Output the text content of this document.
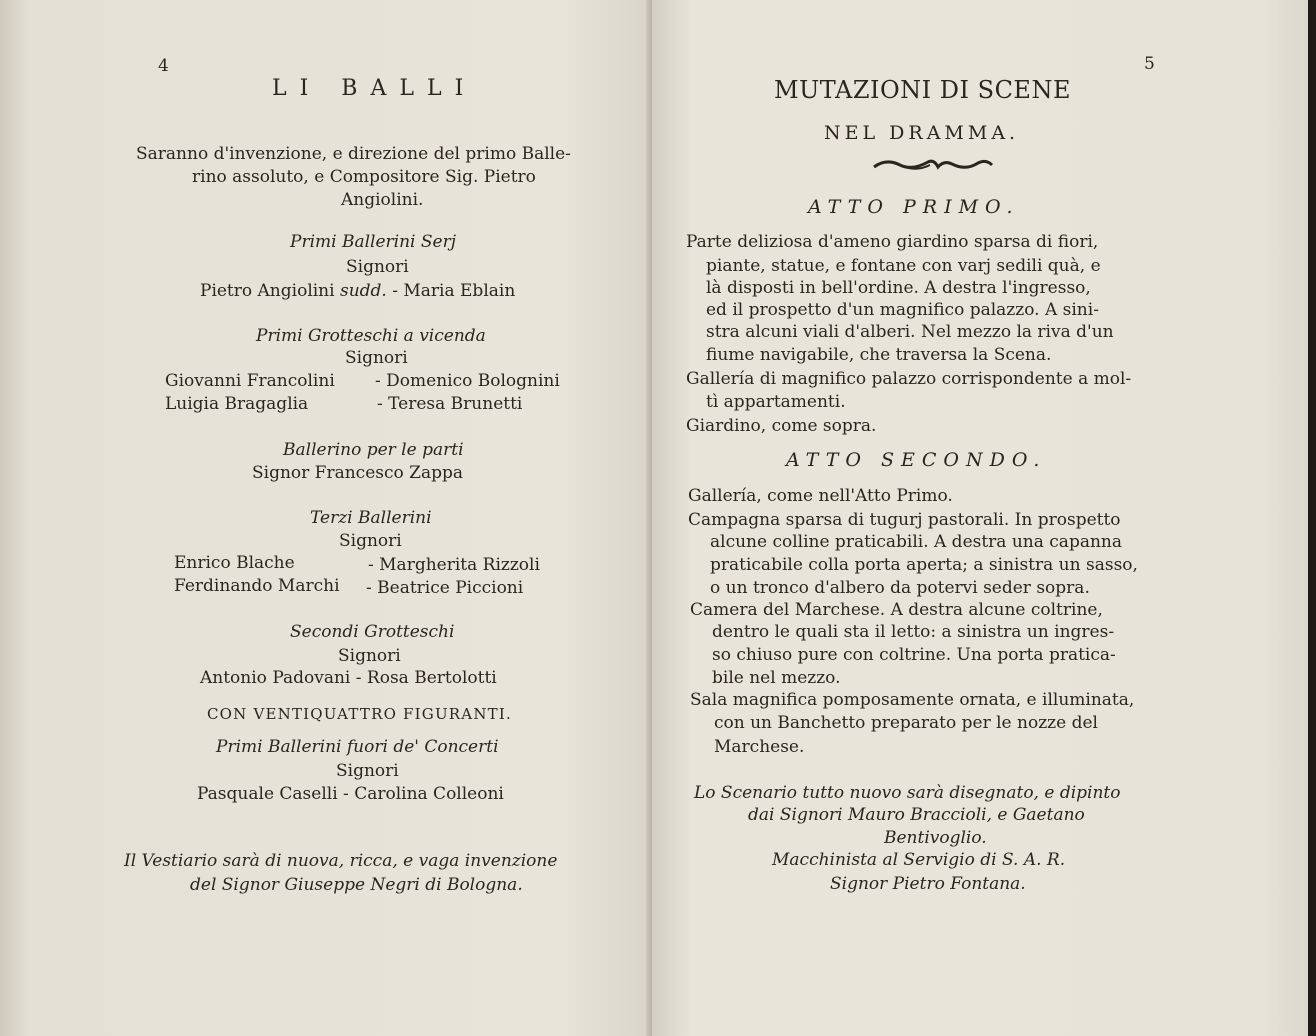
4
LI BALLI
Saranno d'invenzione, e direzione del primo Balle-
rino assoluto, e Compositore Sig. Pietro
Angiolini.
Primi Ballerini Serj
Signori
Pietro Angiolini sudd. - Maria Eblain
Primi Grotteschi a vicenda
Signori
Giovanni Francolini - Domenico Bolognini
Luigia Bragaglia	- Teresa Brunetti
Ballerino per le parti
Signor Francesco Zappa
Terzi Ballerini
Signori
Enrico Blache	- Margherita Rizzoli
Ferdinando Marchi - Beatrice Piccioni
Secondi Grotteschi
Signori
Antonio Padovani - Rosa Bertolotti
CON VENTIQUATTRO FIGURANTI.
Primi Ballerini fuori de' Concerti
Signori
Pasquale Caselli - Carolina Colleoni
Il Vestiario sarà di nuova, ricca, e vaga invenzione
del Signor Giuseppe Negri di Bologna.
5
MUTAZIONI DI SCENE
NEL DRAMMA.
ATTO PRIMO.
Parte deliziosa d'ameno giardino sparsa di fiori,
piante, statue, e fontane con varj sedili quà, e
là disposti in bell'ordine. A destra l'ingresso,
ed il prospetto d'un magnifico palazzo. A sini-
stra alcuni viali d'alberi. Nel mezzo la riva d'un
fiume navigabile, che traversa la Scena.
Gallería di magnifico palazzo corrispondente a mol-
tì appartamenti.
Giardino, come sopra.
ATTO SECONDO.
Gallería, come nell'Atto Primo.
Campagna sparsa di tugurj pastorali. In prospetto
alcune colline praticabili. A destra una capanna
praticabile colla porta aperta; a sinistra un sasso,
o un tronco d'albero da potervi seder sopra.
Camera del Marchese. A destra alcune coltrine,
dentro le quali sta il letto: a sinistra un ingres-
so chiuso pure con coltrine. Una porta pratica-
bile nel mezzo.
Sala magnifica pomposamente ornata, e illuminata,
con un Banchetto preparato per le nozze del
Marchese.
Lo Scenario tutto nuovo sarà disegnato, e dipinto
dai Signori Mauro Braccioli, e Gaetano
Bentivoglio.
Macchinista al Servigio di S. A. R.
Signor Pietro Fontana.
